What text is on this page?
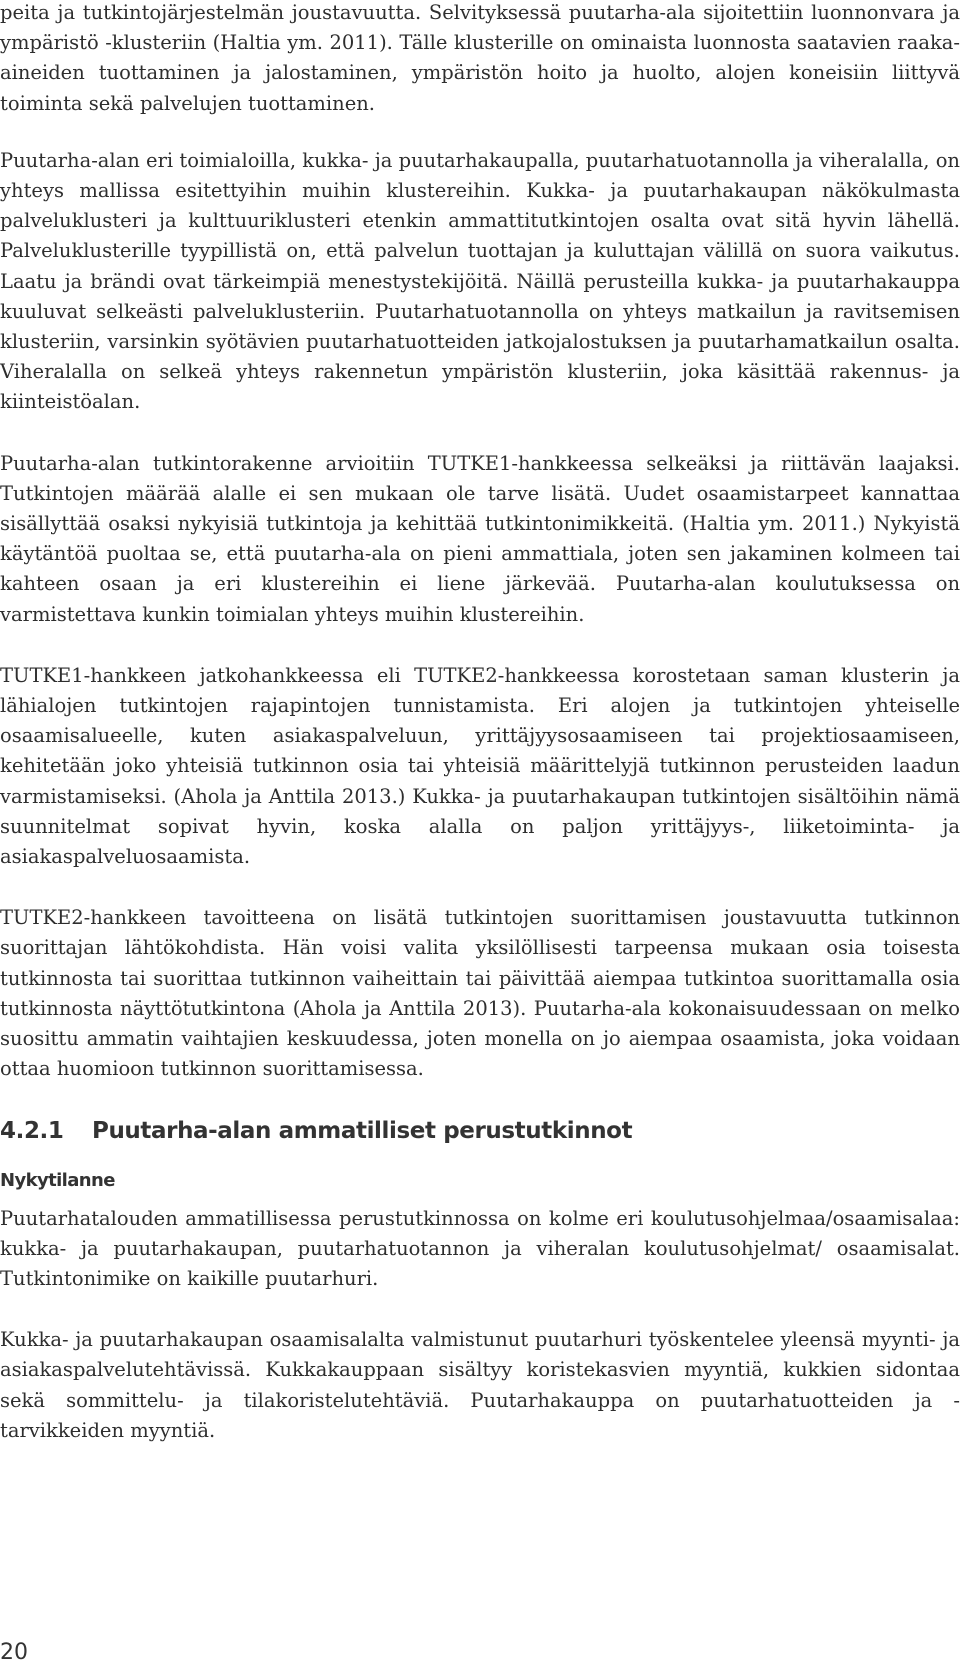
peita ja tutkintojärjestelmän joustavuutta. Selvityksessä puutarha-ala sijoitettiin luonnonvara ja ympäristö -klusteriin (Haltia ym. 2011). Tälle klusterille on ominaista luonnosta saatavien raaka-aineiden tuottaminen ja jalostaminen, ympäristön hoito ja huolto, alojen koneisiin liittyvä toiminta sekä palvelujen tuottaminen.

Puutarha-alan eri toimialoilla, kukka- ja puutarhakaupalla, puutarhatuotannolla ja viheralalla, on yhteys mallissa esitettyihin muihin klustereihin. Kukka- ja puutarhakaupan näkökulmasta palveluklusteri ja kulttuuriklusteri etenkin ammattitutkintojen osalta ovat sitä hyvin lähellä. Palveluklusterille tyypillistä on, että palvelun tuottajan ja kuluttajan välillä on suora vaikutus. Laatu ja brändi ovat tärkeimpiä menestystekijöitä. Näillä perusteilla kukka- ja puutarhakauppa kuuluvat selkeästi palveluklusteriin. Puutarhatuotannolla on yhteys matkailun ja ravitsemisen klusteriin, varsinkin syötävien puutarhatuotteiden jatkojalostuksen ja puutarhamatkailun osalta. Viheralalla on selkeä yhteys rakennetun ympäristön klusteriin, joka käsittää rakennus- ja kiinteistöalan.

Puutarha-alan tutkintorakenne arvioitiin TUTKE1-hankkeessa selkeäksi ja riittävän laajaksi. Tutkintojen määrää alalle ei sen mukaan ole tarve lisätä. Uudet osaamistarpeet kannattaa sisällyttää osaksi nykyisiä tutkintoja ja kehittää tutkintonimikkeitä. (Haltia ym. 2011.) Nykyistä käytäntöä puoltaa se, että puutarha-ala on pieni ammattiala, joten sen jakaminen kolmeen tai kahteen osaan ja eri klustereihin ei liene järkevää. Puutarha-alan koulutuksessa on varmistettava kunkin toimialan yhteys muihin klustereihin.

TUTKE1-hankkeen jatkohankkeessa eli TUTKE2-hankkeessa korostetaan saman klusterin ja lähialojen tutkintojen rajapintojen tunnistamista. Eri alojen ja tutkintojen yhteiselle osaamisalueelle, kuten asiakaspalveluun, yrittäjyysosaamiseen tai projektiosaamiseen, kehitetään joko yhteisiä tutkinnon osia tai yhteisiä määrittelyjä tutkinnon perusteiden laadun varmistamiseksi. (Ahola ja Anttila 2013.) Kukka- ja puutarhakaupan tutkintojen sisältöihin nämä suunnitelmat sopivat hyvin, koska alalla on paljon yrittäjyys-, liiketoiminta- ja asiakaspalveluosaamista.

TUTKE2-hankkeen tavoitteena on lisätä tutkintojen suorittamisen joustavuutta tutkinnon suorittajan lähtökohdista. Hän voisi valita yksilöllisesti tarpeensa mukaan osia toisesta tutkinnosta tai suorittaa tutkinnon vaiheittain tai päivittää aiempaa tutkintoa suorittamalla osia tutkinnosta näyttötutkintona (Ahola ja Anttila 2013). Puutarha-ala kokonaisuudessaan on melko suosittu ammatin vaihtajien keskuudessa, joten monella on jo aiempaa osaamista, joka voidaan ottaa huomioon tutkinnon suorittamisessa.

4.2.1 Puutarha-alan ammatilliset perustutkinnot
Nykytilanne

Puutarhatalouden ammatillisessa perustutkinnossa on kolme eri koulutusohjelmaa/osaamisalaa: kukka- ja puutarhakaupan, puutarhatuotannon ja viheralan koulutusohjelmat/ osaamisalat. Tutkintonimike on kaikille puutarhuri.

Kukka- ja puutarhakaupan osaamisalalta valmistunut puutarhuri työskentelee yleensä myynti- ja asiakaspalvelutehtävissä. Kukkakauppaan sisältyy koristekasvien myyntiä, kukkien sidontaa sekä sommittelu- ja tilakoristelutehtäviä. Puutarhakauppa on puutarhatuotteiden ja -tarvikkeiden myyntiä.

20
